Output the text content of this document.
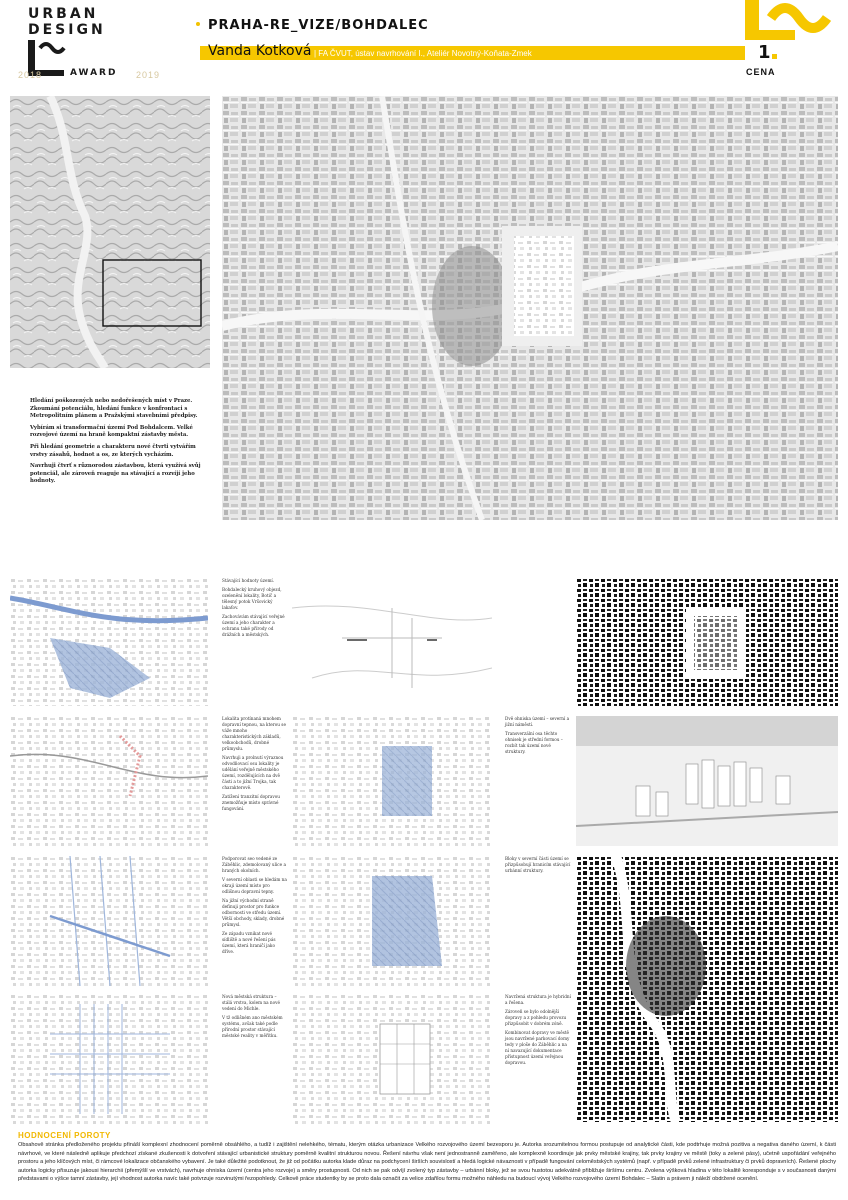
URBAN
DESIGN
AWARD
2018	2019
PRAHA-RE_VIZE/BOHDALEC
Vanda Kotková | FA ČVUT, ústav navrhování I., Ateliér Novotný-Koňata-Zmek	1
CENA

Hledání poškozených nebo nedořešených míst v Praze. Zkoumání potenciálu, hledání funkce v konfrontaci s Metropolitním plánem a Pražskými stavebními předpisy.

Vybírám si transformační území Pod Bohdalcem. Velké rozvojové území na hraně kompaktní zástavby města.

Při hledání geometrie a charakteru nové čtvrti vytvářím vrstvy zásahů, hodnot a os, ze kterých vycházím.

Navrhuji čtvrť s různorodou zástavbou, která využívá svůj potenciál, ale zároveň reaguje na stávající a rozvíjí jeho hodnoty.

Stávající hodnoty území.

Bohdalecký kruhový objezd, ozelenění lokality, Botič a tělesný potok Vršovický lakaťov.

Zachovávám stávající veřejné území a jeho charakter a ochranu také přírody od drážních a městských.

Lokalita protínaná mnohem dopravní tepnou, na kterou se váže mnoho charakteristických základů, velkoobchodů, drobné průmyslu.

Navrhuji a prolnutí výraznou odvodňovací osu lokality je udělání veřejně městského území, rozdělujících na dvě části a to jižní Trojka, tak charakterově.

Zatížení tranzitní dopravou znemožňuje místo správné fungování.

Dvě ohniska území – severní a jižní náměstí.

Transverzální osa těchto ohnisek je střední formou – rozbít tak území nové struktury.

Podporovat seo vedené ze Záběhlic, zdemolovaný ulice a hraných okolních.

V severní oblasti se hledám na okraji území místo pro odlišnou dopravní tepny.

Na jižní východní straně definuji prostor pro funkce odbornosti ve středu území. Větší obchody, sklady, drobné průmysl.

Ze západu vznikat nové sídliště a nové řešení pás území, která hraničí jako dříve.

Bloky v severní části území se přizpůsobují hranicím stávající urbánní struktury.

Nová městská struktura – stálá vrstva, kolem na nové vedení do Michle.

V tž odlišném ano městském systému, avšak také podle přírodní prostor stávající městské reality v měřítku.

Navržená struktura je hybridní a řešena.

Zároveň se bylo odolnější dopravy a z pohledu provozu přizpůsobit v dobrém zóně.

Kombinovat dopravy ve městě jsou navržené parkovací domy tedy v ploše do Záběhlic a na ní navazující dokumentace přístupnost území veřejnou dopravou.

HODNOCENÍ POROTY
Obsahově stránka předloženého projektu přináší komplexní zhodnocení poměrně obsáhlého, a tudíž i zajištění nelehkého, tématu, kterým otázka urbanizace Velkého rozvojového území bezesporu je. Autorka srozumitelnou formou postupuje od analytické části, kde podtrhuje možná pozitiva a negativa daného území, k části návrhové, ve které následně aplikuje předchozí získané zkušenosti k dotvoření stávající urbanistické struktury poměrně kvalitní strukturou novou. Řešení návrhu však není jednostranně zaměřeno, ale komplexně koordinuje jak prvky městské krajiny, tak prvky krajiny ve městě (toky a zelené pásy), učetně uspořádání veřejného prostoru a jeho klíčových míst, či rámcové lokalizace občanského vybavení. Je také důležité podotknout, že již od počátku autorka klade důraz na podchycení širších souvislostí a hledá logické návaznosti v případě fungování celoměstských systémů (např. v případě prvků zelené infrastruktury či prvků dopravních). Řešené plochy autorka logicky přisuzuje jakousi hierarchii (přemýšlí ve vrstvách), navrhuje ohniska území (centra jeho rozvoje) a směry prostupnosti. Od nich se pak odvíjí zvolený typ zástavby – urbánní bloky, jež se svou hustotou adekvátně přibližuje širšímu centru. Zvolena výšková hladina v této lokalitě koresponduje s v současnosti danými představami o výšce tamní zástavby, její vhodnost autorka navíc také potvrzuje rozvinutými řezopohledy. Celkově práce studentky by se proto dala označit za velice zdařilou formu možného náhledu na budoucí vývoj Velkého rozvojového území Bohdalec – Slatin a právem ji náleží obdržené ocenění.
